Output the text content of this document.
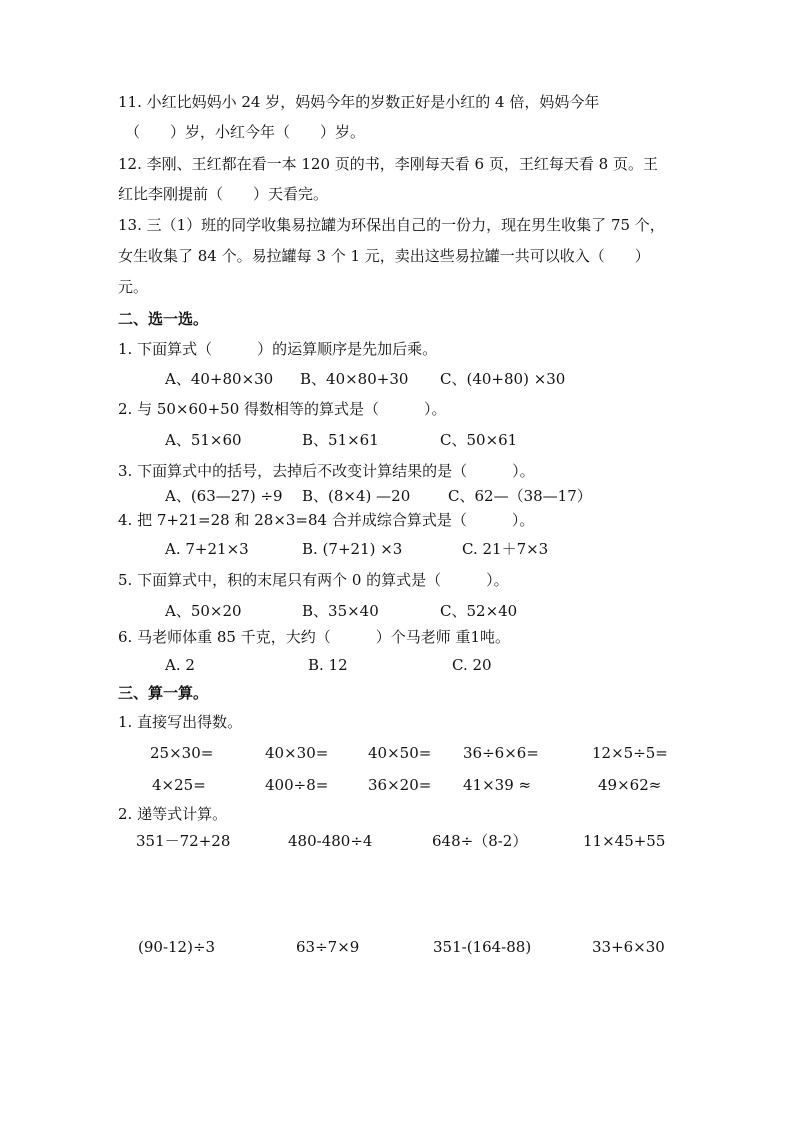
11. 小红比妈妈小 24 岁，妈妈今年的岁数正好是小红的 4 倍，妈妈今年
（　　）岁，小红今年（　　）岁。
12. 李刚、王红都在看一本 120 页的书，李刚每天看 6 页，王红每天看 8 页。王
红比李刚提前（　　）天看完。
13. 三（1）班的同学收集易拉罐为环保出自己的一份力，现在男生收集了 75 个，
女生收集了 84 个。易拉罐每 3 个 1 元，卖出这些易拉罐一共可以收入（　　）
元。
二、选一选。
1. 下面算式（　　　）的运算顺序是先加后乘。
A、40+80×30 B、40×80+30 C、(40+80) ×30
2. 与 50×60+50 得数相等的算式是（　　　）。
A、51×60	B、51×61	C、50×61
3. 下面算式中的括号，去掉后不改变计算结果的是（　　　）。
A、(63—27) ÷9 B、(8×4) —20	C、62—（38—17）
4. 把 7+21=28 和 28×3=84 合并成综合算式是（　　　）。
A. 7+21×3	B. (7+21) ×3	C. 21＋7×3
5. 下面算式中，积的末尾只有两个 0 的算式是（　　　）。
A、50×20	B、35×40	C、52×40
6. 马老师体重 85 千克，大约（　　　）个马老师 重1吨。
A. 2	B. 12	C. 20
三、算一算。
1. 直接写出得数。
25×30=	40×30=	40×50= 36÷6×6=	12×5÷5=
4×25=	400÷8=	36×20= 41×39 ≈	49×62≈
2. 递等式计算。
351－72+28	480-480÷4	648÷（8-2）	11×45+55
(90-12)÷3	63÷7×9	351-(164-88)	33+6×30
